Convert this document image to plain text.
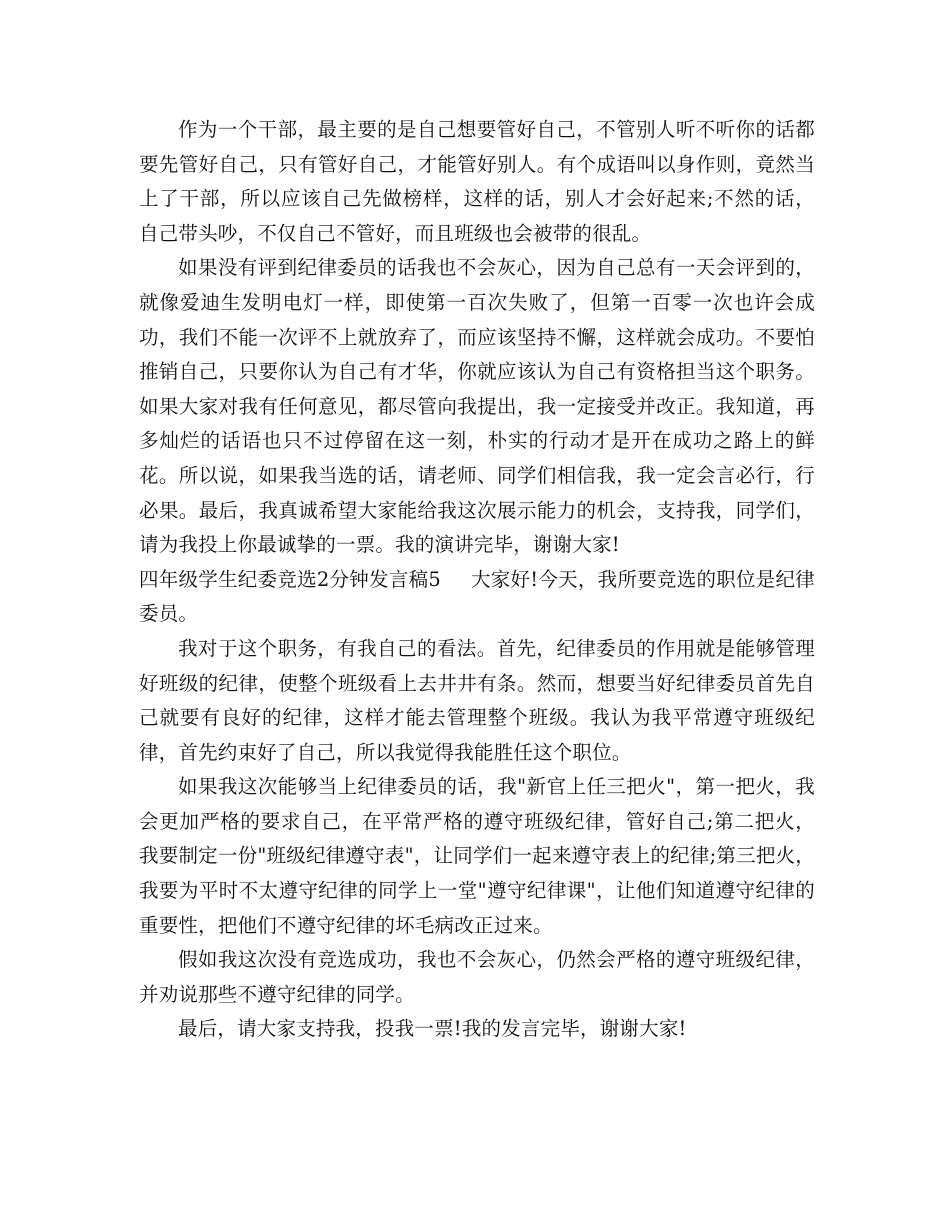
作为一个干部，最主要的是自己想要管好自己，不管别人听不听你的话都要先管好自己，只有管好自己，才能管好别人。有个成语叫以身作则，竟然当上了干部，所以应该自己先做榜样，这样的话，别人才会好起来;不然的话，自己带头吵，不仅自己不管好，而且班级也会被带的很乱。

如果没有评到纪律委员的话我也不会灰心，因为自己总有一天会评到的，就像爱迪生发明电灯一样，即使第一百次失败了，但第一百零一次也许会成功，我们不能一次评不上就放弃了，而应该坚持不懈，这样就会成功。不要怕推销自己，只要你认为自己有才华，你就应该认为自己有资格担当这个职务。如果大家对我有任何意见，都尽管向我提出，我一定接受并改正。我知道，再多灿烂的话语也只不过停留在这一刻，朴实的行动才是开在成功之路上的鲜花。所以说，如果我当选的话，请老师、同学们相信我，我一定会言必行，行必果。最后，我真诚希望大家能给我这次展示能力的机会，支持我，同学们，请为我投上你最诚挚的一票。我的演讲完毕，谢谢大家!

四年级学生纪委竞选2分钟发言稿5 大家好!今天，我所要竞选的职位是纪律委员。

我对于这个职务，有我自己的看法。首先，纪律委员的作用就是能够管理好班级的纪律，使整个班级看上去井井有条。然而，想要当好纪律委员首先自己就要有良好的纪律，这样才能去管理整个班级。我认为我平常遵守班级纪律，首先约束好了自己，所以我觉得我能胜任这个职位。

如果我这次能够当上纪律委员的话，我"新官上任三把火"，第一把火，我会更加严格的要求自己，在平常严格的遵守班级纪律，管好自己;第二把火，我要制定一份"班级纪律遵守表"，让同学们一起来遵守表上的纪律;第三把火，我要为平时不太遵守纪律的同学上一堂"遵守纪律课"，让他们知道遵守纪律的重要性，把他们不遵守纪律的坏毛病改正过来。

假如我这次没有竞选成功，我也不会灰心，仍然会严格的遵守班级纪律，并劝说那些不遵守纪律的同学。

最后，请大家支持我，投我一票!我的发言完毕，谢谢大家!
